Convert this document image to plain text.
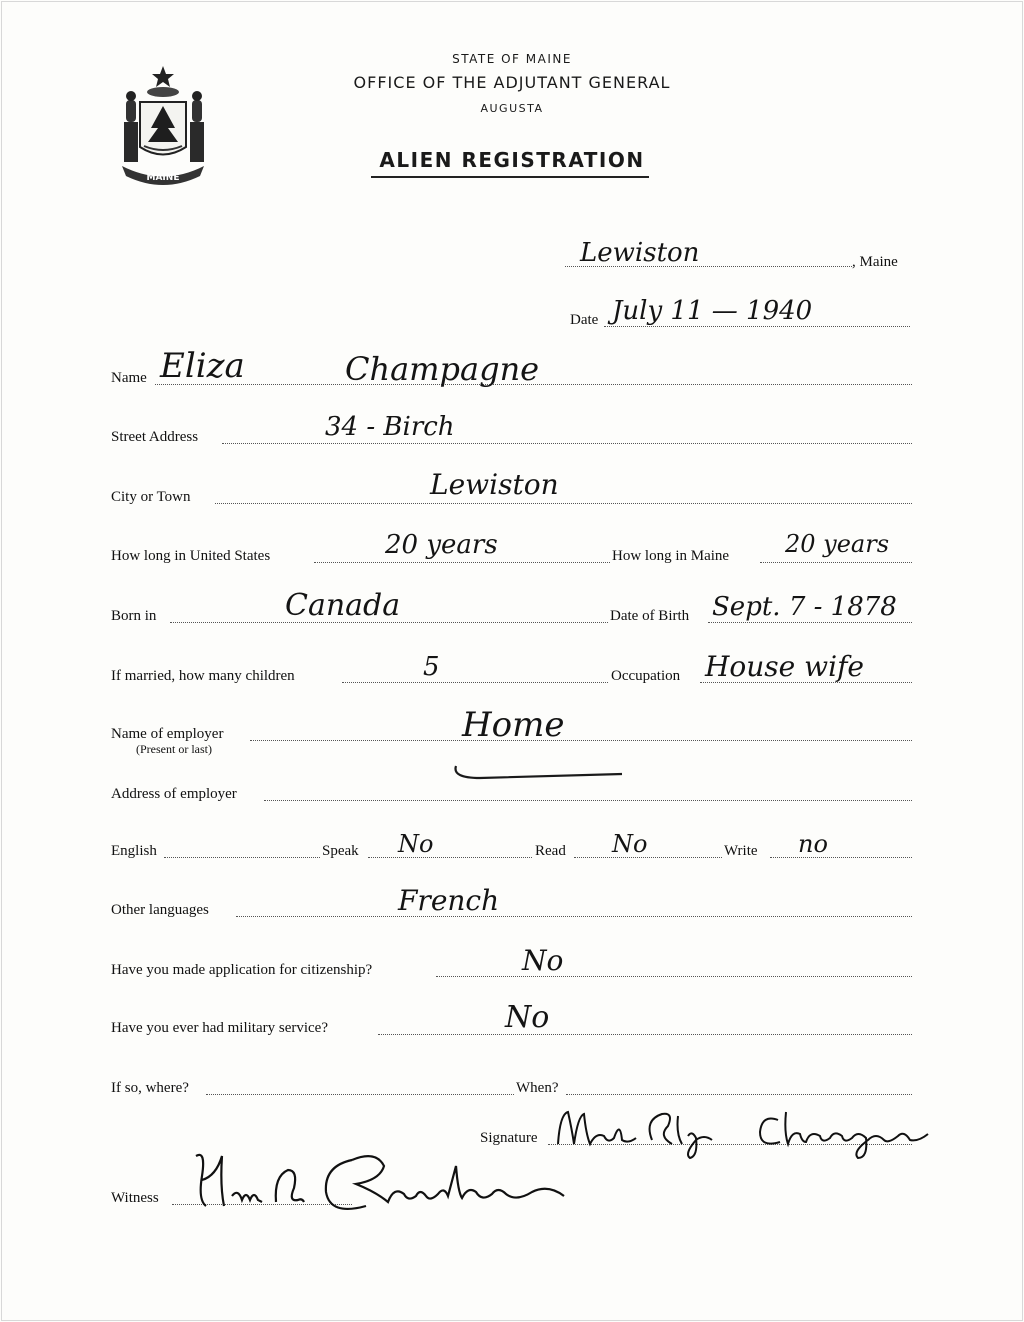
MAINE
STATE OF MAINE
OFFICE OF THE ADJUTANT GENERAL
AUGUSTA
ALIEN REGISTRATION
Lewiston	, Maine
Date July 11 — 1940
Name Eliza	Champagne
Street Address	34 - Birch
City or Town	Lewiston
How long in United States	20 years	How long in Maine 20 years
Born in	Canada	Date of Birth Sept. 7 - 1878
If married, how many children	5	Occupation House wife
Name of employer
(Present or last)
Home
Address of employer
English	Speak No	Read No	Write no
Other languages	French
Have you made application for citizenship?	No
Have you ever had military service?	No
If so, where?	When?
Signature
Witness
